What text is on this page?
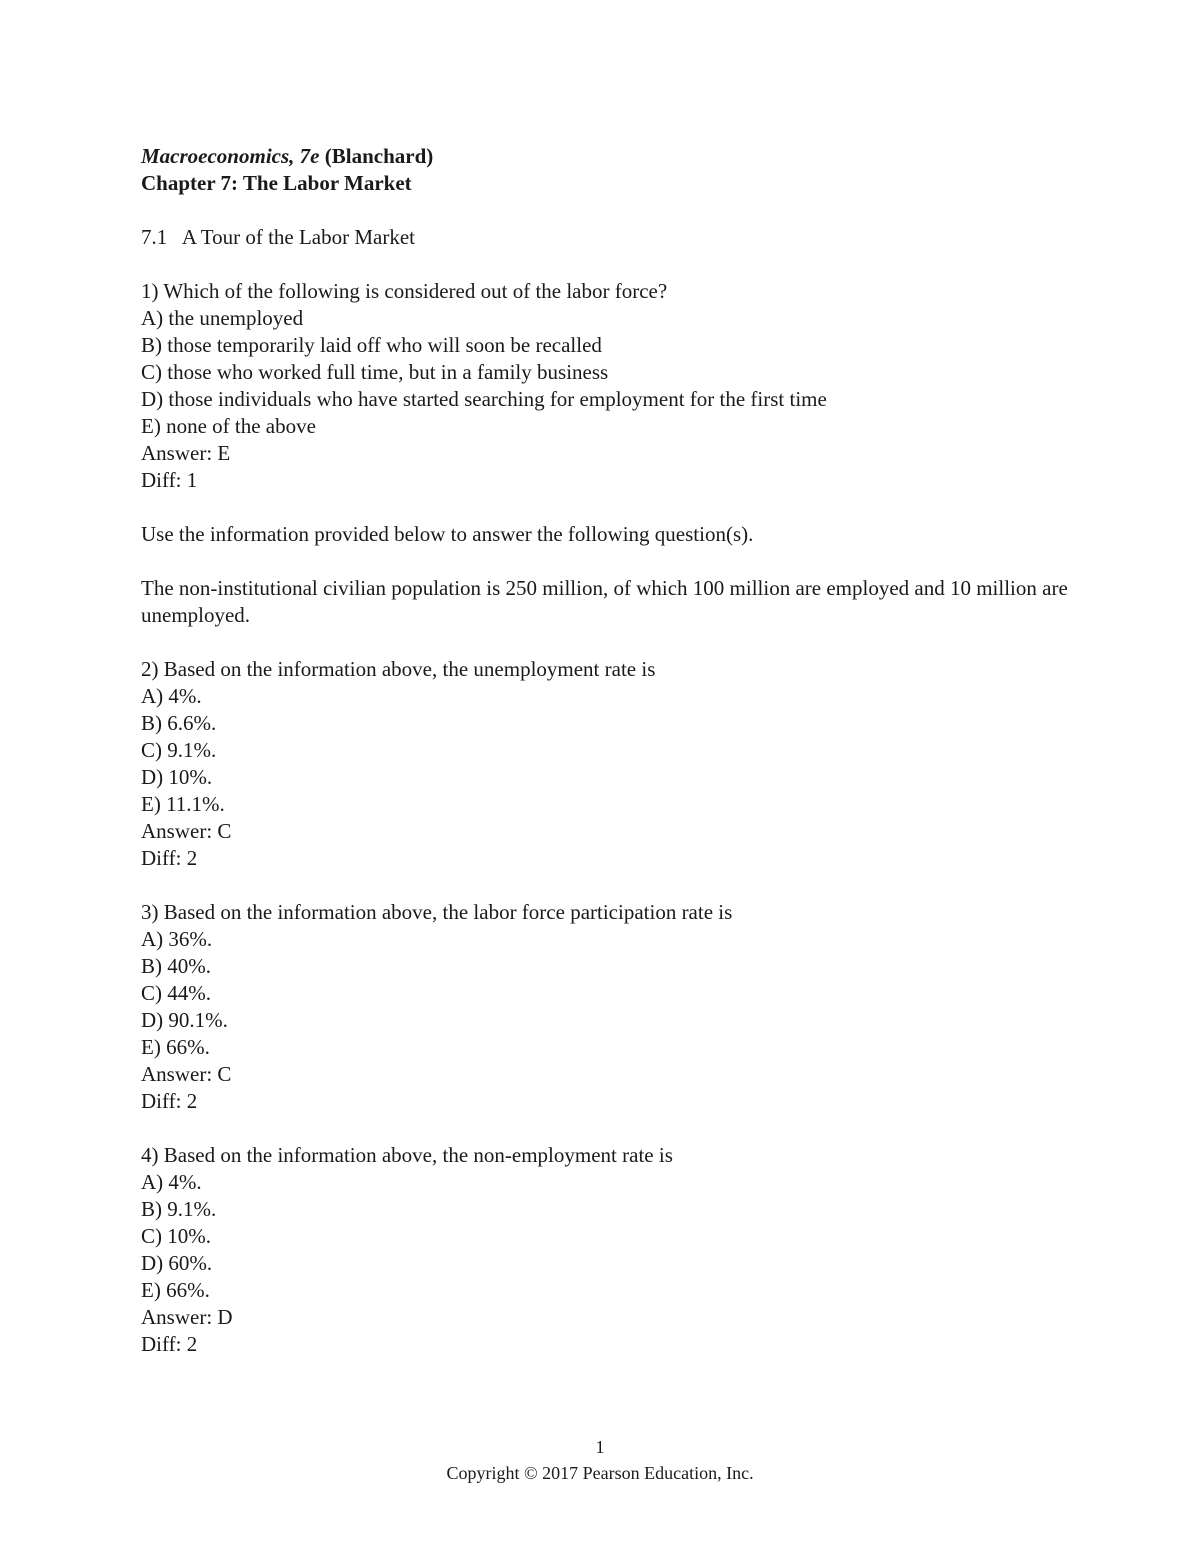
Macroeconomics, 7e (Blanchard)
Chapter 7: The Labor Market
7.1 A Tour of the Labor Market
1) Which of the following is considered out of the labor force?
A) the unemployed
B) those temporarily laid off who will soon be recalled
C) those who worked full time, but in a family business
D) those individuals who have started searching for employment for the first time
E) none of the above
Answer: E
Diff: 1
Use the information provided below to answer the following question(s).
The non-institutional civilian population is 250 million, of which 100 million are employed and 10 million are unemployed.
2) Based on the information above, the unemployment rate is
A) 4%.
B) 6.6%.
C) 9.1%.
D) 10%.
E) 11.1%.
Answer: C
Diff: 2
3) Based on the information above, the labor force participation rate is
A) 36%.
B) 40%.
C) 44%.
D) 90.1%.
E) 66%.
Answer: C
Diff: 2
4) Based on the information above, the non-employment rate is
A) 4%.
B) 9.1%.
C) 10%.
D) 60%.
E) 66%.
Answer: D
Diff: 2
1
Copyright © 2017 Pearson Education, Inc.
